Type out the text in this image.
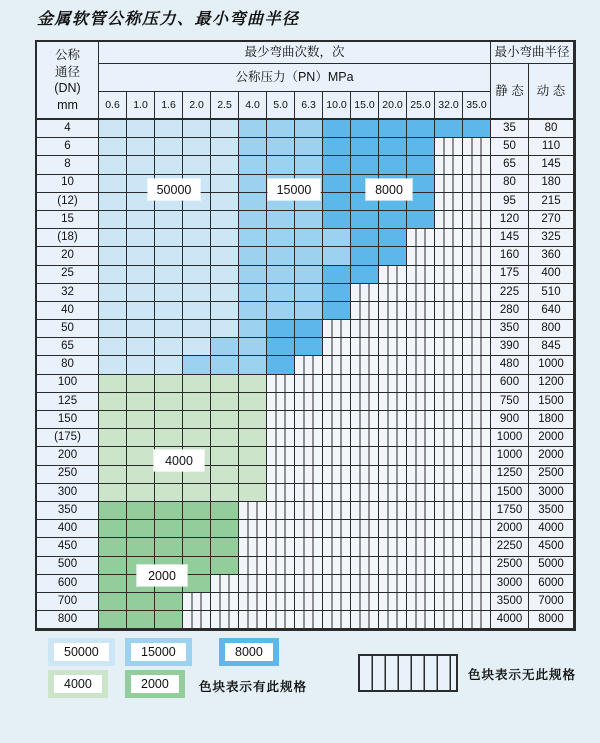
金属软管公称压力、最小弯曲半径
公称
通径
(DN)
mm
最少弯曲次数，次	最小弯曲半径
公称压力（PN）MPa
静 态	动 态
0.6	1.0	1.6	2.0	2.5	4.0	5.0	6.3 10.0 15.0 20.0 25.0 32.0 35.0
4	35	80
6	50	110
8	65	145
10	80	180
(12)	95	215
15	120	270
(18)	145	325
20	160	360
25	175	400
32	225	510
40	280	640
50	350	800
65	390	845
80	480	1000
100	600	1200
125	750	1500
150	900	1800
(175)	1000	2000
200	1000	2000
250	1250	2500
300	1500	3000
350	1750	3500
400	2000	4000
450	2250	4500
500	2500	5000
600	3000	6000
700	3500	7000
800	4000	8000
50000	15000	8000
4000
2000
50000	15000	8000
4000	2000	色块表示有此规格
色块表示无此规格
